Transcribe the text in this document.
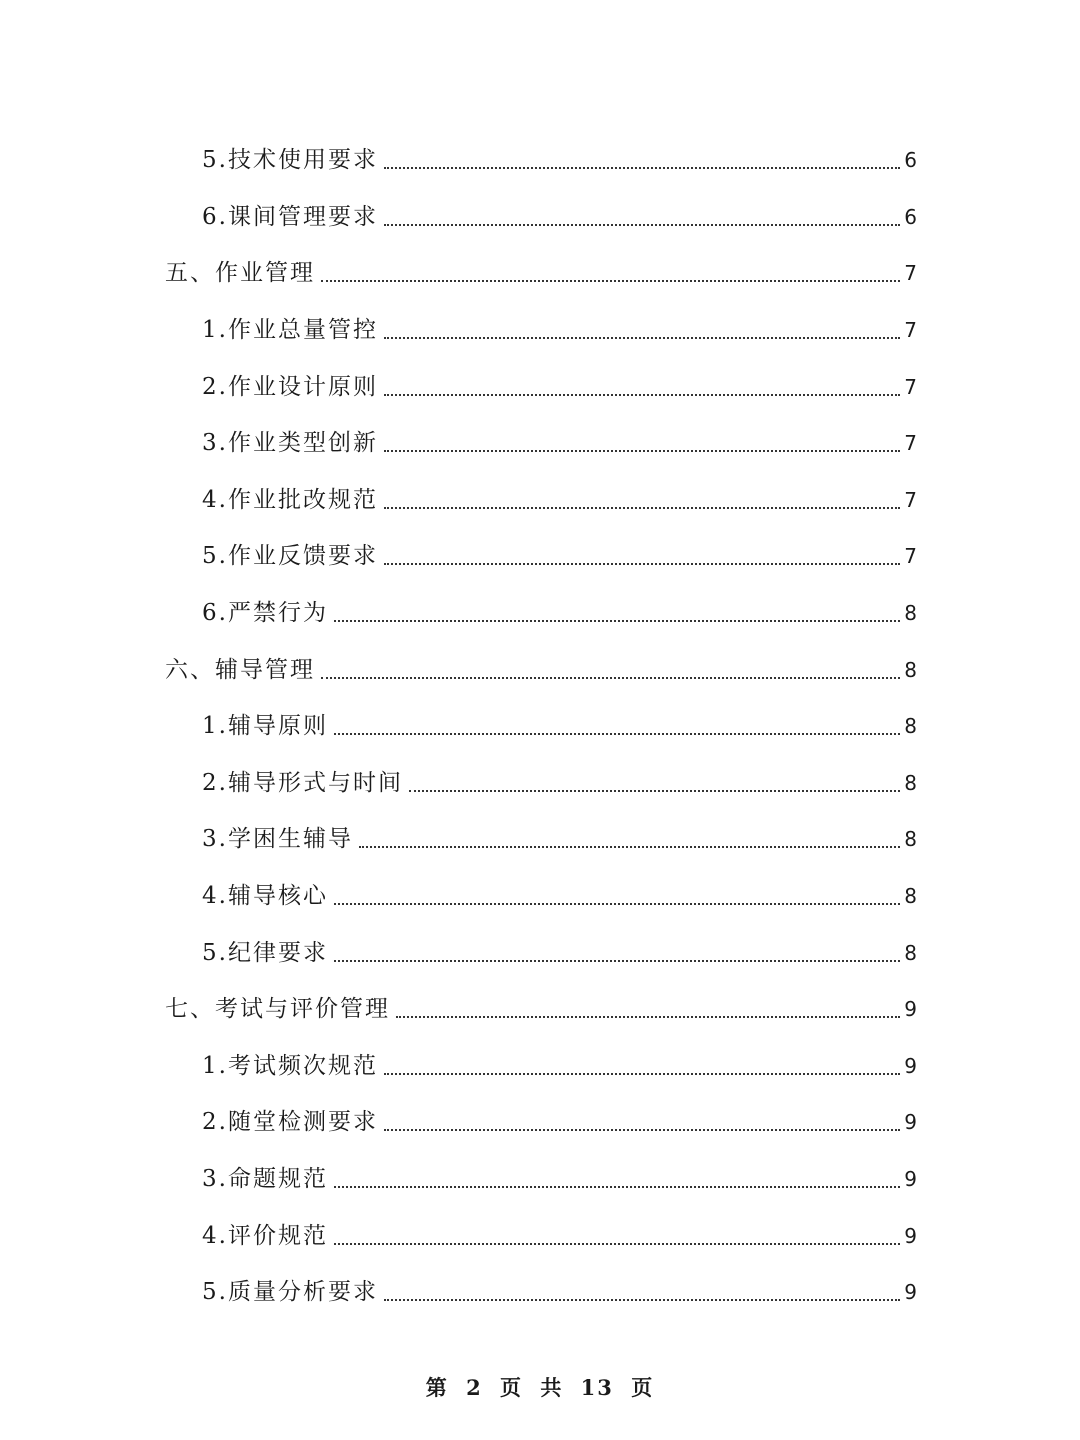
5.技术使用要求	6
6.课间管理要求	6
五、作业管理	7
1.作业总量管控	7
2.作业设计原则	7
3.作业类型创新	7
4.作业批改规范	7
5.作业反馈要求	7
6.严禁行为	8
六、辅导管理	8
1.辅导原则	8
2.辅导形式与时间	8
3.学困生辅导	8
4.辅导核心	8
5.纪律要求	8
七、考试与评价管理	9
1.考试频次规范	9
2.随堂检测要求	9
3.命题规范	9
4.评价规范	9
5.质量分析要求	9
第 2 页 共 13 页
